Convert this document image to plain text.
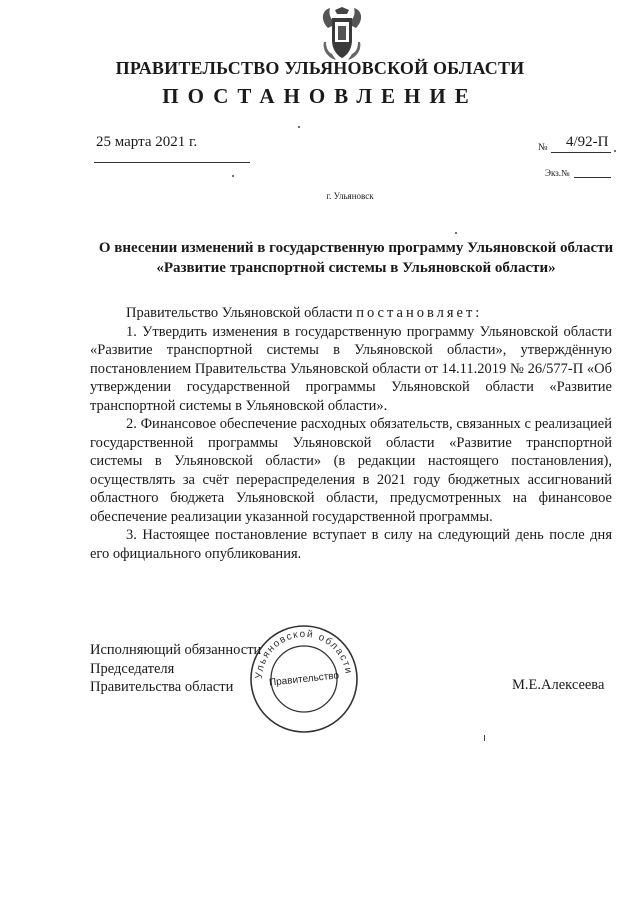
ПРАВИТЕЛЬСТВО УЛЬЯНОВСКОЙ ОБЛАСТИ
ПОСТАНОВЛЕНИЕ
25 марта 2021 г.	№ 4/92-П
Экз.№
г. Ульяновск
О внесении изменений в государственную программу Ульяновской области «Развитие транспортной системы в Ульяновской области»

Правительство Ульяновской области постановляет:

1. Утвердить изменения в государственную программу Ульяновской области «Развитие транспортной системы в Ульяновской области», утверждённую постановлением Правительства Ульяновской области от 14.11.2019 № 26/577-П «Об утверждении государственной программы Ульяновской области «Развитие транспортной системы в Ульяновской области».

2. Финансовое обеспечение расходных обязательств, связанных с реализацией государственной программы Ульяновской области «Развитие транспортной системы в Ульяновской области» (в редакции настоящего постановления), осуществлять за счёт перераспределения в 2021 году бюджетных ассигнований областного бюджета Ульяновской области, предусмотренных на финансовое обеспечение реализации указанной государственной программы.

3. Настоящее постановление вступает в силу на следующий день после дня его официального опубликования.

Исполняющий обязанности
Председателя
Правительства области
Ульяновской области
Правительство	М.Е.Алексеева
